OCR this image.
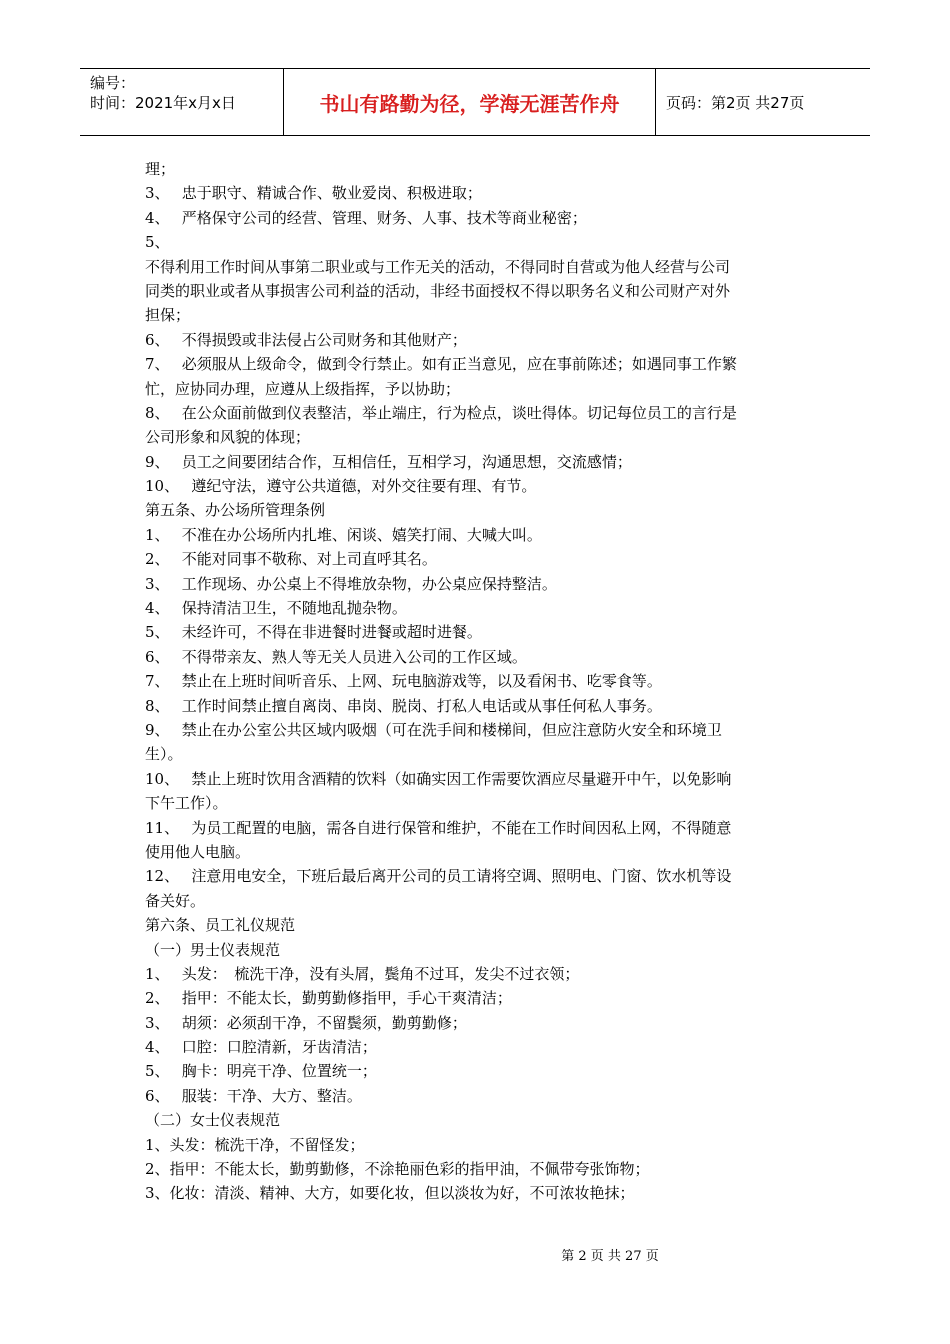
编号：
时间：2021年x月x日	书山有路勤为径，学海无涯苦作舟	页码：第2页 共27页
理；
3、　 忠于职守、精诚合作、敬业爱岗、积极进取；
4、　 严格保守公司的经营、管理、财务、人事、技术等商业秘密；
5、
不得利用工作时间从事第二职业或与工作无关的活动，不得同时自营或为他人经营与公司
同类的职业或者从事损害公司利益的活动，非经书面授权不得以职务名义和公司财产对外
担保；
6、　 不得损毁或非法侵占公司财务和其他财产；
7、　 必须服从上级命令，做到令行禁止。如有正当意见，应在事前陈述；如遇同事工作繁
忙，应协同办理，应遵从上级指挥，予以协助；
8、　 在公众面前做到仪表整洁，举止端庄，行为检点，谈吐得体。切记每位员工的言行是
公司形象和风貌的体现；
9、　 员工之间要团结合作，互相信任，互相学习，沟通思想，交流感情；
10、　 遵纪守法，遵守公共道德，对外交往要有理、有节。
第五条、办公场所管理条例
1、　 不准在办公场所内扎堆、闲谈、嬉笑打闹、大喊大叫。
2、　 不能对同事不敬称、对上司直呼其名。
3、　 工作现场、办公桌上不得堆放杂物，办公桌应保持整洁。
4、　 保持清洁卫生，不随地乱抛杂物。
5、　 未经许可，不得在非进餐时进餐或超时进餐。
6、　 不得带亲友、熟人等无关人员进入公司的工作区域。
7、　 禁止在上班时间听音乐、上网、玩电脑游戏等，以及看闲书、吃零食等。
8、　 工作时间禁止擅自离岗、串岗、脱岗、打私人电话或从事任何私人事务。
9、　 禁止在办公室公共区域内吸烟（可在洗手间和楼梯间，但应注意防火安全和环境卫
生）。
10、　 禁止上班时饮用含酒精的饮料（如确实因工作需要饮酒应尽量避开中午，以免影响
下午工作）。
11、　 为员工配置的电脑，需各自进行保管和维护，不能在工作时间因私上网，不得随意
使用他人电脑。
12、　 注意用电安全，下班后最后离开公司的员工请将空调、照明电、门窗、饮水机等设
备关好。
第六条、员工礼仪规范
（一）男士仪表规范
1、　 头发：　梳洗干净，没有头屑，鬓角不过耳，发尖不过衣领；
2、　 指甲：不能太长，勤剪勤修指甲，手心干爽清洁；
3、　 胡须：必须刮干净，不留鬓须，勤剪勤修；
4、　 口腔：口腔清新，牙齿清洁；
5、　 胸卡：明亮干净、位置统一；
6、　 服装：干净、大方、整洁。
（二）女士仪表规范
1、头发：梳洗干净，不留怪发；
2、指甲：不能太长，勤剪勤修，不涂艳丽色彩的指甲油，不佩带夸张饰物；
3、化妆：清淡、精神、大方，如要化妆，但以淡妆为好，不可浓妆艳抹；
第 2 页 共 27 页
